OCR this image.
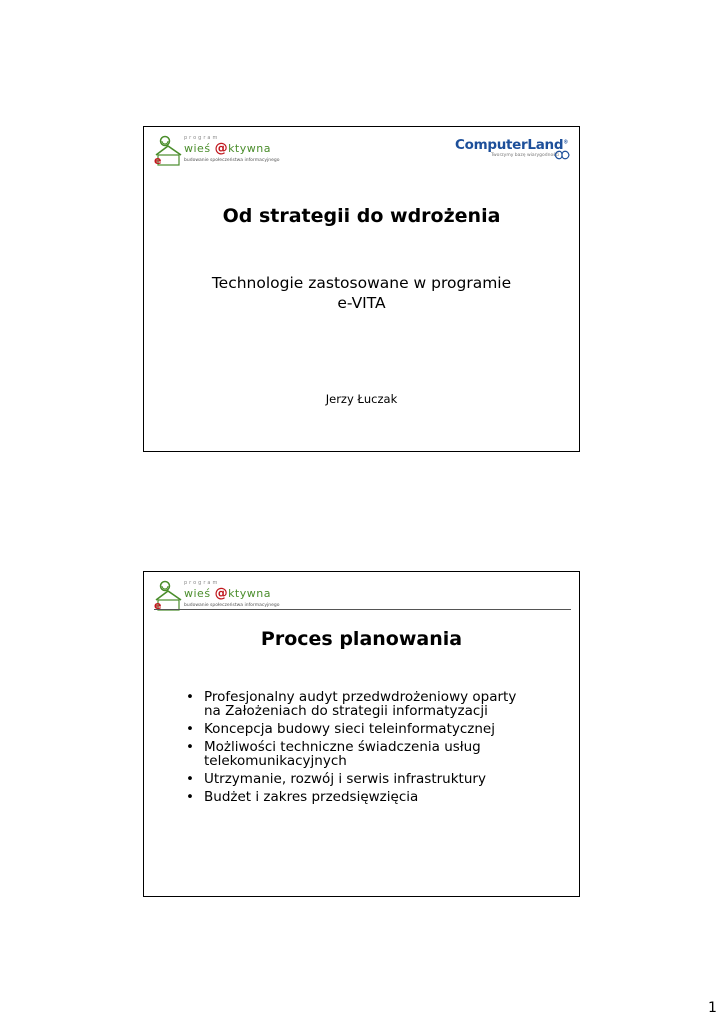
e
program
wieś @ktywna
budowanie społeczeństwa informacyjnego
ComputerLand®
Tworzymy bazę wiarygodności
Od strategii do wdrożenia
Technologie zastosowane w programie
e-VITA
Jerzy Łuczak
e
program
wieś @ktywna
budowanie społeczeństwa informacyjnego
Proces planowania
• Profesjonalny audyt przedwdrożeniowy oparty
na Założeniach do strategii informatyzacji
• Koncepcja budowy sieci teleinformatycznej
• Możliwości techniczne świadczenia usług
telekomunikacyjnych
• Utrzymanie, rozwój i serwis infrastruktury
• Budżet i zakres przedsięwzięcia
1
